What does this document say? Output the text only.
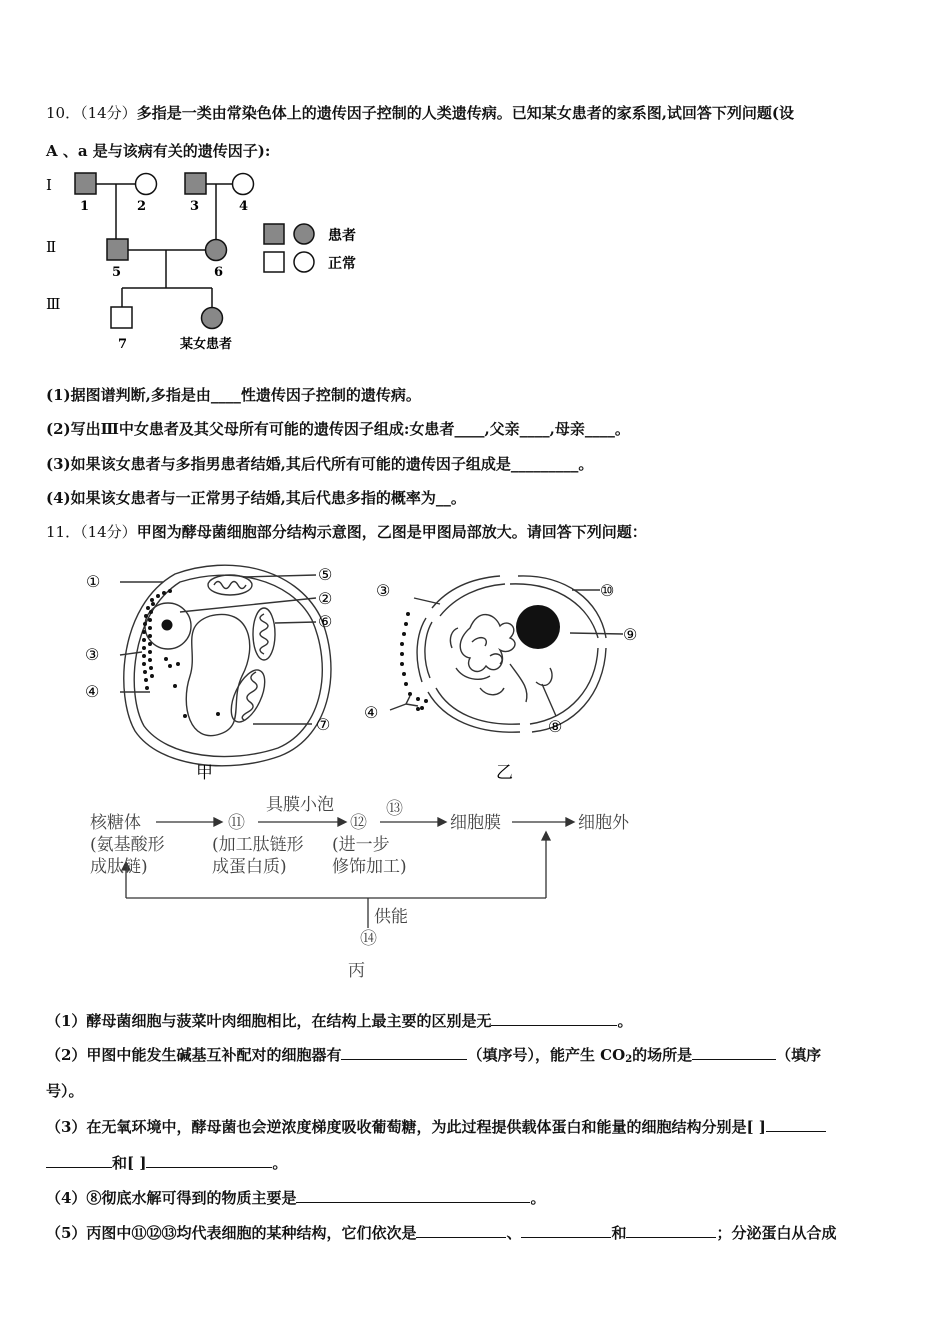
10．（14分）多指是一类由常染色体上的遗传因子控制的人类遗传病。已知某女患者的家系图,试回答下列问题(设
A 、a 是与该病有关的遗传因子):
Ⅰ
Ⅱ
Ⅲ
1	2	3	4
5	6
7	某女患者
患者
正常
(1)据图谱判断,多指是由____性遗传因子控制的遗传病。
(2)写出Ⅲ中女患者及其父母所有可能的遗传因子组成:女患者____,父亲____,母亲____。
(3)如果该女患者与多指男患者结婚,其后代所有可能的遗传因子组成是_________。
(4)如果该女患者与一正常男子结婚,其后代患多指的概率为__。
11．（14分）甲图为酵母菌细胞部分结构示意图，乙图是甲图局部放大。请回答下列问题：
①	⑤
②
⑥
③
④
⑦
甲
③	⑩
⑨
④
⑧
乙
核糖体
(氨基酸形
成肽链)
⑪
具膜小泡
(加工肽链形
成蛋白质)
⑫
⑬
(进一步
修饰加工)
细胞膜	细胞外
供能
⑭
丙
（1）酵母菌细胞与菠菜叶肉细胞相比，在结构上最主要的区别是无	。
（2）甲图中能发生碱基互补配对的细胞器有	（填序号），能产生 $CO_2$的场所是	（填序
号）。
（3）在无氧环境中，酵母菌也会逆浓度梯度吸收葡萄糖，为此过程提供载体蛋白和能量的细胞结构分别是[ ]
和[ ]	。
（4）⑧彻底水解可得到的物质主要是	。
（5）丙图中⑪⑫⑬均代表细胞的某种结构，它们依次是	、	和	；分泌蛋白从合成
